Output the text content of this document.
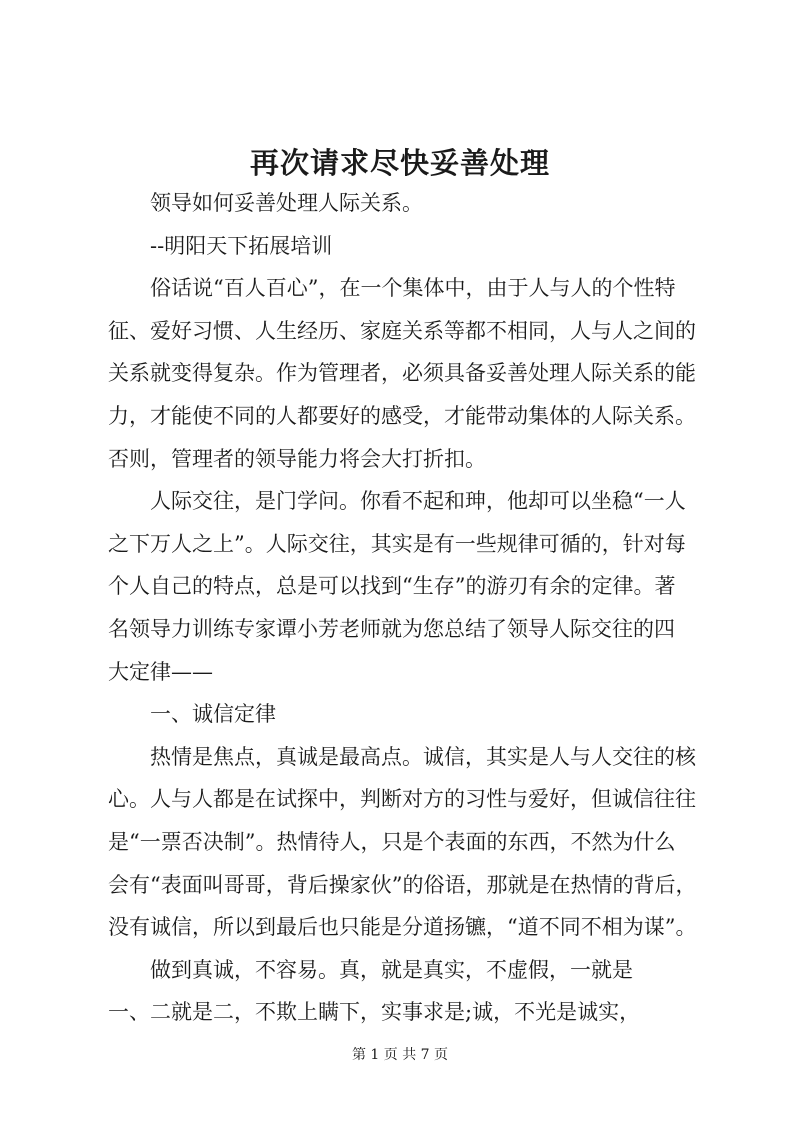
再次请求尽快妥善处理
领导如何妥善处理人际关系。
--明阳天下拓展培训
俗话说“百人百心”，在一个集体中，由于人与人的个性特
征、爱好习惯、人生经历、家庭关系等都不相同，人与人之间的
关系就变得复杂。作为管理者，必须具备妥善处理人际关系的能
力，才能使不同的人都要好的感受，才能带动集体的人际关系。
否则，管理者的领导能力将会大打折扣。
人际交往，是门学问。你看不起和珅，他却可以坐稳“一人
之下万人之上”。人际交往，其实是有一些规律可循的，针对每
个人自己的特点，总是可以找到“生存”的游刃有余的定律。著
名领导力训练专家谭小芳老师就为您总结了领导人际交往的四
大定律——
一、诚信定律
热情是焦点，真诚是最高点。诚信，其实是人与人交往的核
心。人与人都是在试探中，判断对方的习性与爱好，但诚信往往
是“一票否决制”。热情待人，只是个表面的东西，不然为什么
会有“表面叫哥哥，背后操家伙”的俗语，那就是在热情的背后，
没有诚信，所以到最后也只能是分道扬镳，“道不同不相为谋”。
做到真诚，不容易。真，就是真实，不虚假，一就是
一、二就是二，不欺上瞒下，实事求是;诚，不光是诚实，
第 1 页 共 7 页
